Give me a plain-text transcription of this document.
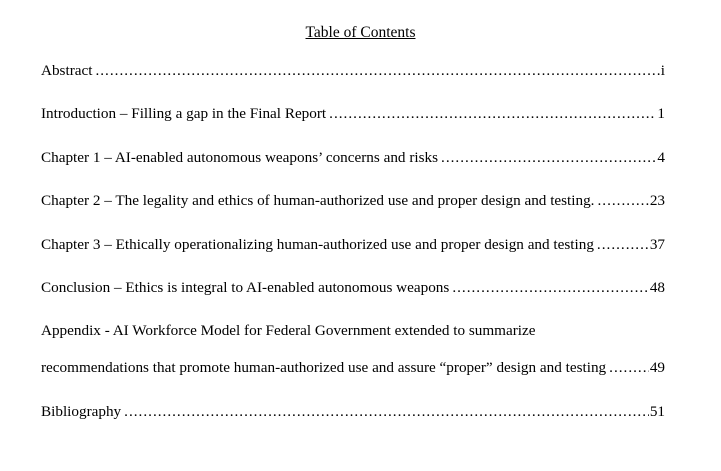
Table of Contents
Abstract .....	i
Introduction – Filling a gap in the Final Report .....	1
Chapter 1 – AI-enabled autonomous weapons’ concerns and risks .....	4
Chapter 2 – The legality and ethics of human-authorized use and proper design and testing. .....	23
Chapter 3 – Ethically operationalizing human-authorized use and proper design and testing .....	37
Conclusion – Ethics is integral to AI-enabled autonomous weapons .....	48
Appendix - AI Workforce Model for Federal Government extended to summarize
recommendations that promote human-authorized use and assure “proper” design and testing .....	49
Bibliography .....	51
